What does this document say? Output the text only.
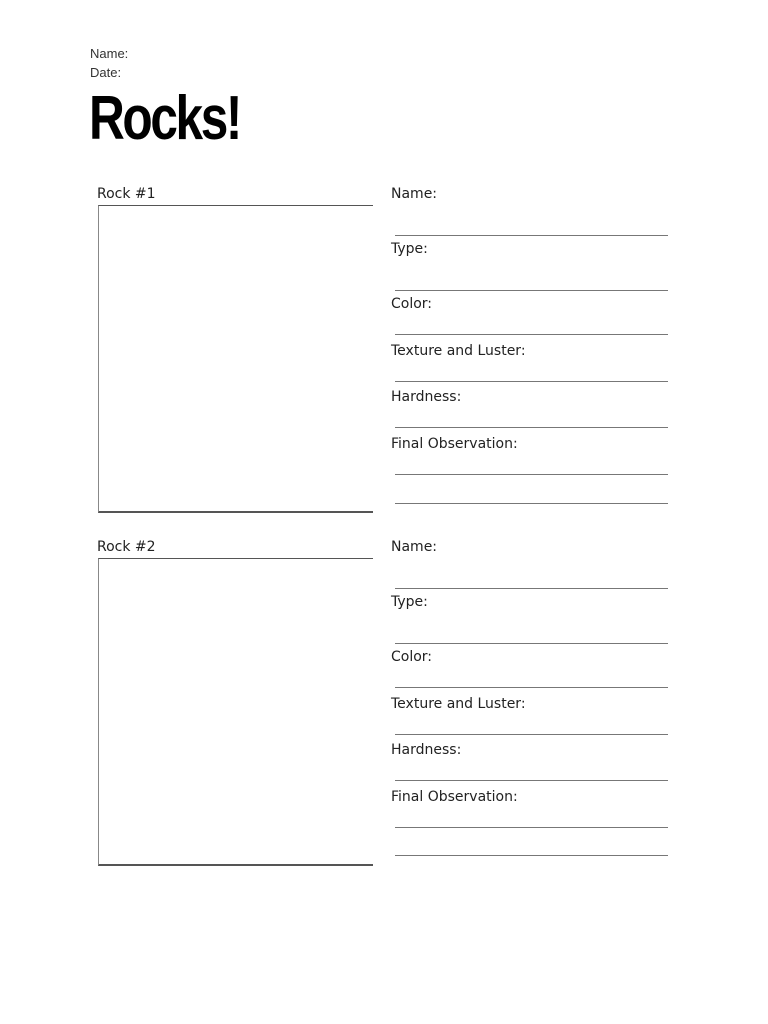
Name:
Date:
Rocks!
Rock #1	Name:
Type:
Color:
Texture and Luster:
Hardness:
Final Observation:
Rock #2	Name:
Type:
Color:
Texture and Luster:
Hardness:
Final Observation:
